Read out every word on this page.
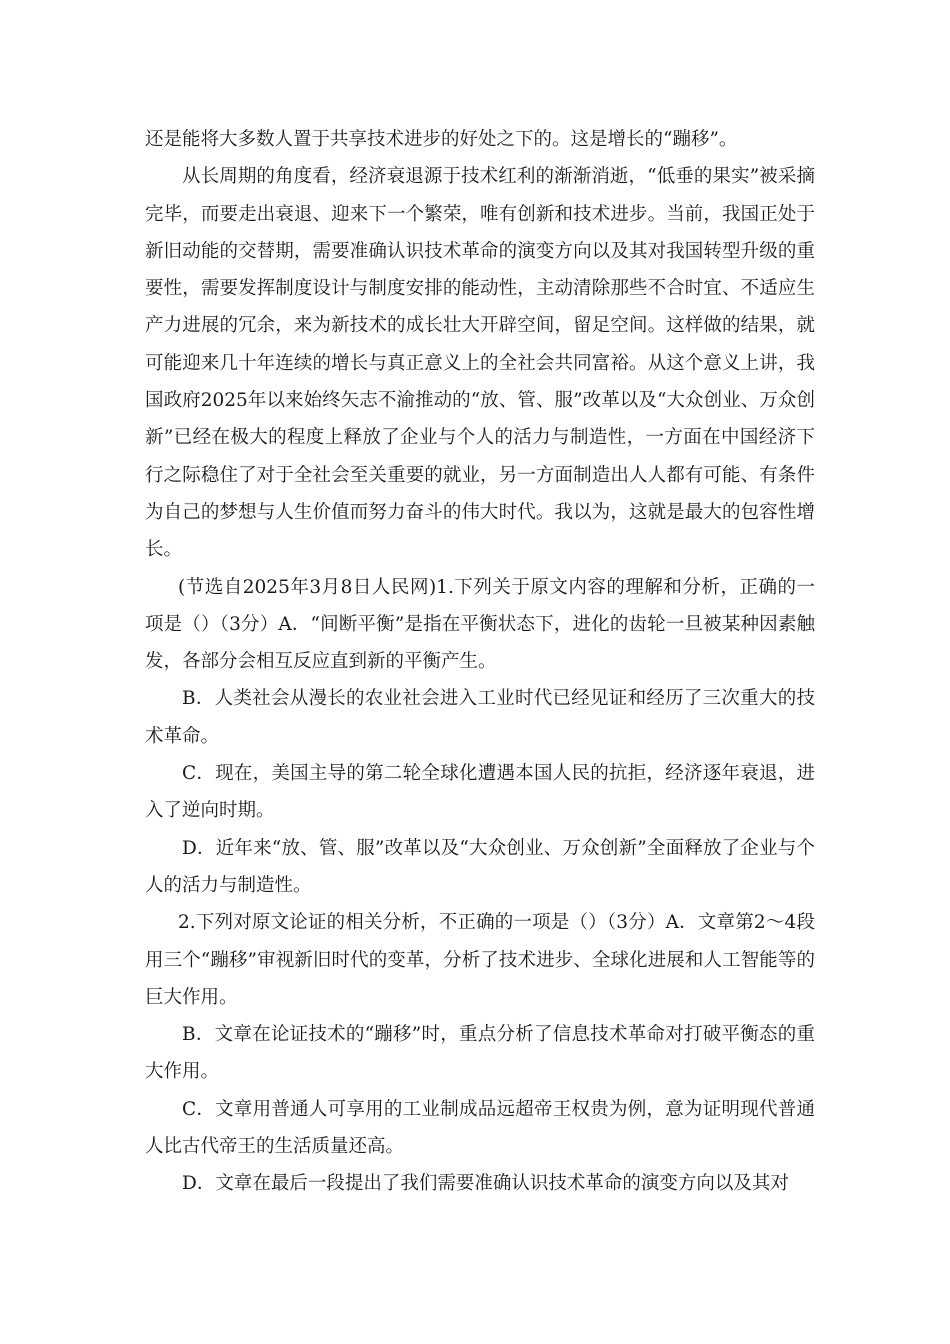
还是能将大多数人置于共享技术进步的好处之下的。这是增长的“蹦移”。

从长周期的角度看，经济衰退源于技术红利的渐渐消逝，“低垂的果实”被采摘完毕，而要走出衰退、迎来下一个繁荣，唯有创新和技术进步。当前，我国正处于新旧动能的交替期，需要准确认识技术革命的演变方向以及其对我国转型升级的重要性，需要发挥制度设计与制度安排的能动性，主动清除那些不合时宜、不适应生产力进展的冗余，来为新技术的成长壮大开辟空间，留足空间。这样做的结果，就可能迎来几十年连续的增长与真正意义上的全社会共同富裕。从这个意义上讲，我国政府2025年以来始终矢志不渝推动的“放、管、服”改革以及“大众创业、万众创新”已经在极大的程度上释放了企业与个人的活力与制造性，一方面在中国经济下行之际稳住了对于全社会至关重要的就业，另一方面制造出人人都有可能、有条件为自己的梦想与人生价值而努力奋斗的伟大时代。我以为，这就是最大的包容性增长。

(节选自2025年3月8日人民网)1.下列关于原文内容的理解和分析，正确的一项是（）（3分）A．“间断平衡”是指在平衡状态下，进化的齿轮一旦被某种因素触发，各部分会相互反应直到新的平衡产生。

B．人类社会从漫长的农业社会进入工业时代已经见证和经历了三次重大的技术革命。

C．现在，美国主导的第二轮全球化遭遇本国人民的抗拒，经济逐年衰退，进入了逆向时期。

D．近年来“放、管、服”改革以及“大众创业、万众创新”全面释放了企业与个人的活力与制造性。

2.下列对原文论证的相关分析，不正确的一项是（）（3分）A．文章第2～4段用三个“蹦移”审视新旧时代的变革，分析了技术进步、全球化进展和人工智能等的巨大作用。

B．文章在论证技术的“蹦移”时，重点分析了信息技术革命对打破平衡态的重大作用。

C．文章用普通人可享用的工业制成品远超帝王权贵为例，意为证明现代普通人比古代帝王的生活质量还高。

D．文章在最后一段提出了我们需要准确认识技术革命的演变方向以及其对
